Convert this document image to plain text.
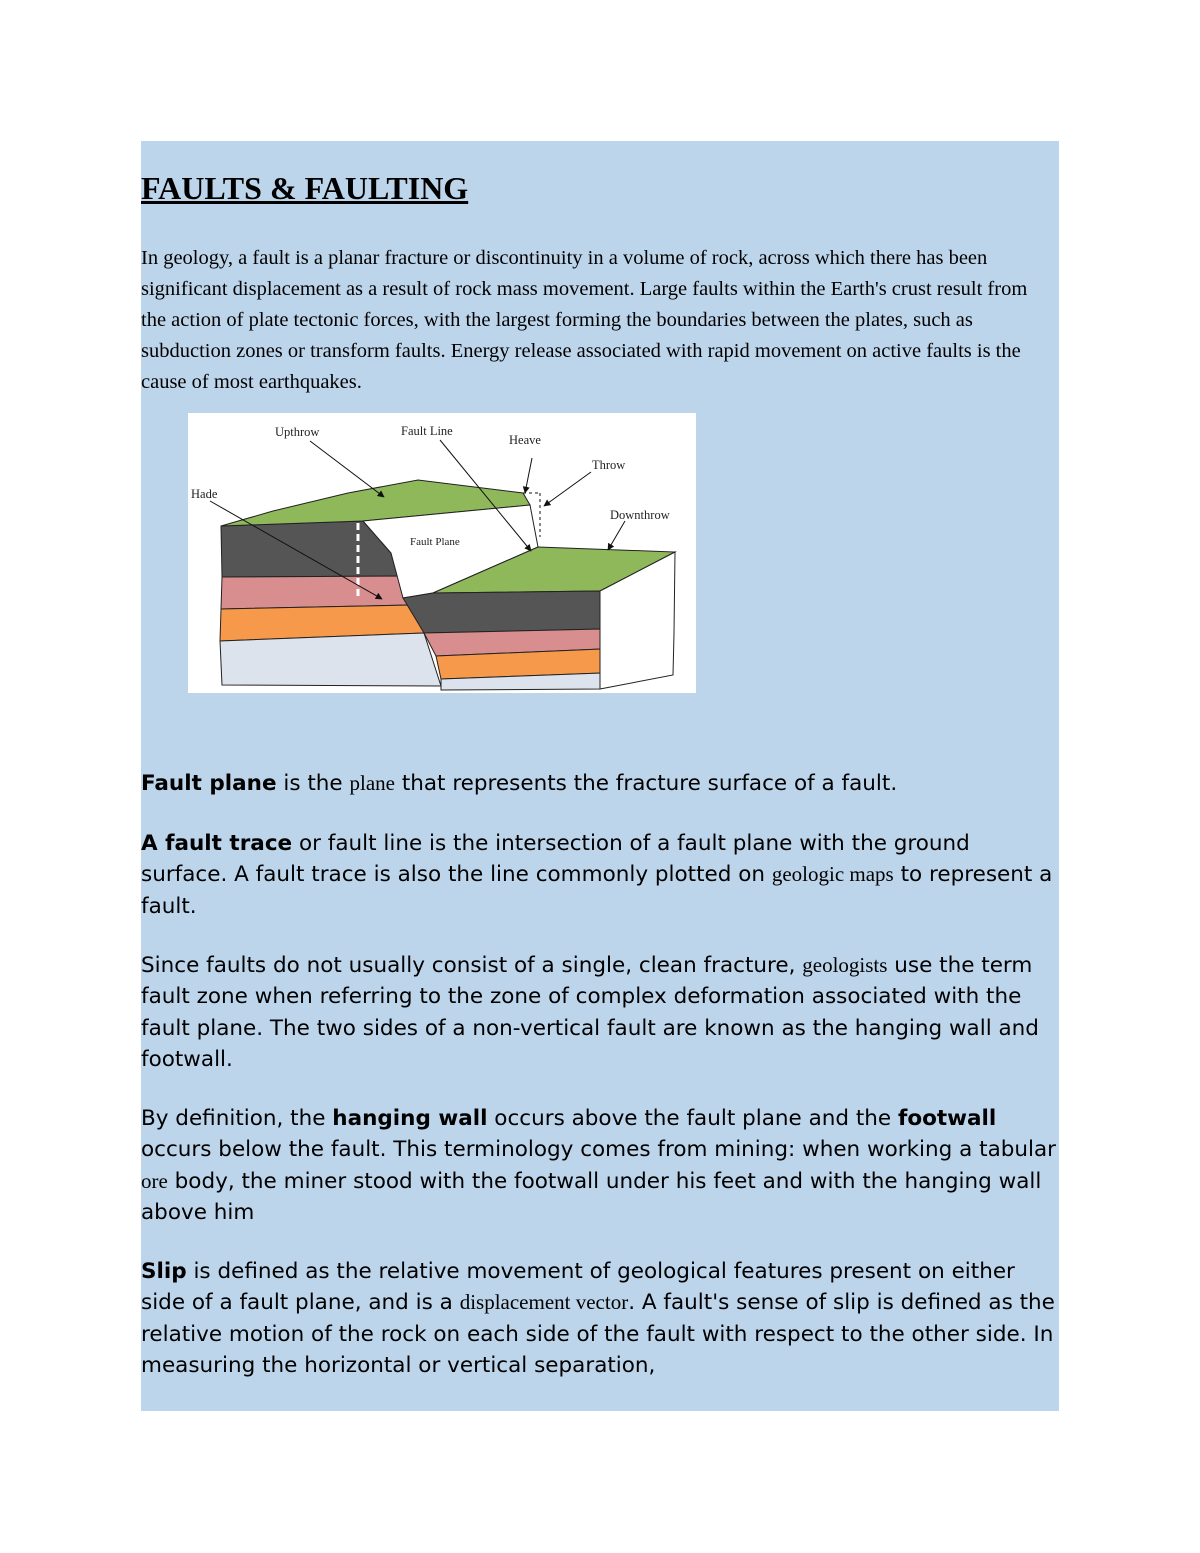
FAULTS & FAULTING

In geology, a fault is a planar fracture or discontinuity in a volume of rock, across which there has been significant displacement as a result of rock mass movement. Large faults within the Earth's crust result from the action of plate tectonic forces, with the largest forming the boundaries between the plates, such as subduction zones or transform faults. Energy release associated with rapid movement on active faults is the cause of most earthquakes.

Upthrow	Fault Line
Heave
Throw
Hade
Downthrow
Fault Plane

Fault plane is the plane that represents the fracture surface of a fault.

A fault trace or fault line is the intersection of a fault plane with the ground surface. A fault trace is also the line commonly plotted on geologic maps to represent a fault.

Since faults do not usually consist of a single, clean fracture, geologists use the term fault zone when referring to the zone of complex deformation associated with the fault plane. The two sides of a non-vertical fault are known as the hanging wall and footwall.

By definition, the hanging wall occurs above the fault plane and the footwall occurs below the fault. This terminology comes from mining: when working a tabular ore body, the miner stood with the footwall under his feet and with the hanging wall above him

Slip is defined as the relative movement of geological features present on either side of a fault plane, and is a displacement vector. A fault's sense of slip is defined as the relative motion of the rock on each side of the fault with respect to the other side. In measuring the horizontal or vertical separation,
